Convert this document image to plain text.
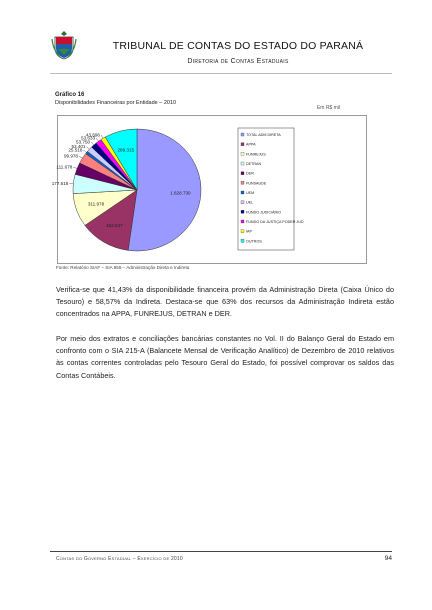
TRIBUNAL DE CONTAS DO ESTADO DO PARANÁ
Diretoria de Contas Estaduais
Gráfico 16
Disponibilidades Financeiras por Entidade – 2010
Em R$ mil
1.828.730
452.947
311.978
177.618
111.678
99.978
25.518
53.401
53.750
53.633
43.696
289.315
TOTAL ADM DIRETA
APPA
FUNREJUS
DETRAN
DER
FUNSAUDE
UEM
UEL
FUNDO JUDICIÁRIO
FUNDO DA JUSTIÇA PODER JUD
IAP
OUTROS
Fonte: Relatório SIAF – SIA 855 – Administração Direta e Indireta

Verifica-se que 41,43% da disponibilidade financeira provém da Administração Direta (Caixa Único do Tesouro) e 58,57% da Indireta. Destaca-se que 63% dos recursos da Administração Indireta estão concentrados na APPA, FUNREJUS, DETRAN e DER.

Por meio dos extratos e conciliações bancárias constantes no Vol. II do Balanço Geral do Estado em confronto com o SIA 215-A (Balancete Mensal de Verificação Analítico) de Dezembro de 2010 relativos às contas correntes controladas pelo Tesouro Geral do Estado, foi possível comprovar os saldos das Contas Contábeis.

Contas do Governo Estadual – Exercício de 2010	94
